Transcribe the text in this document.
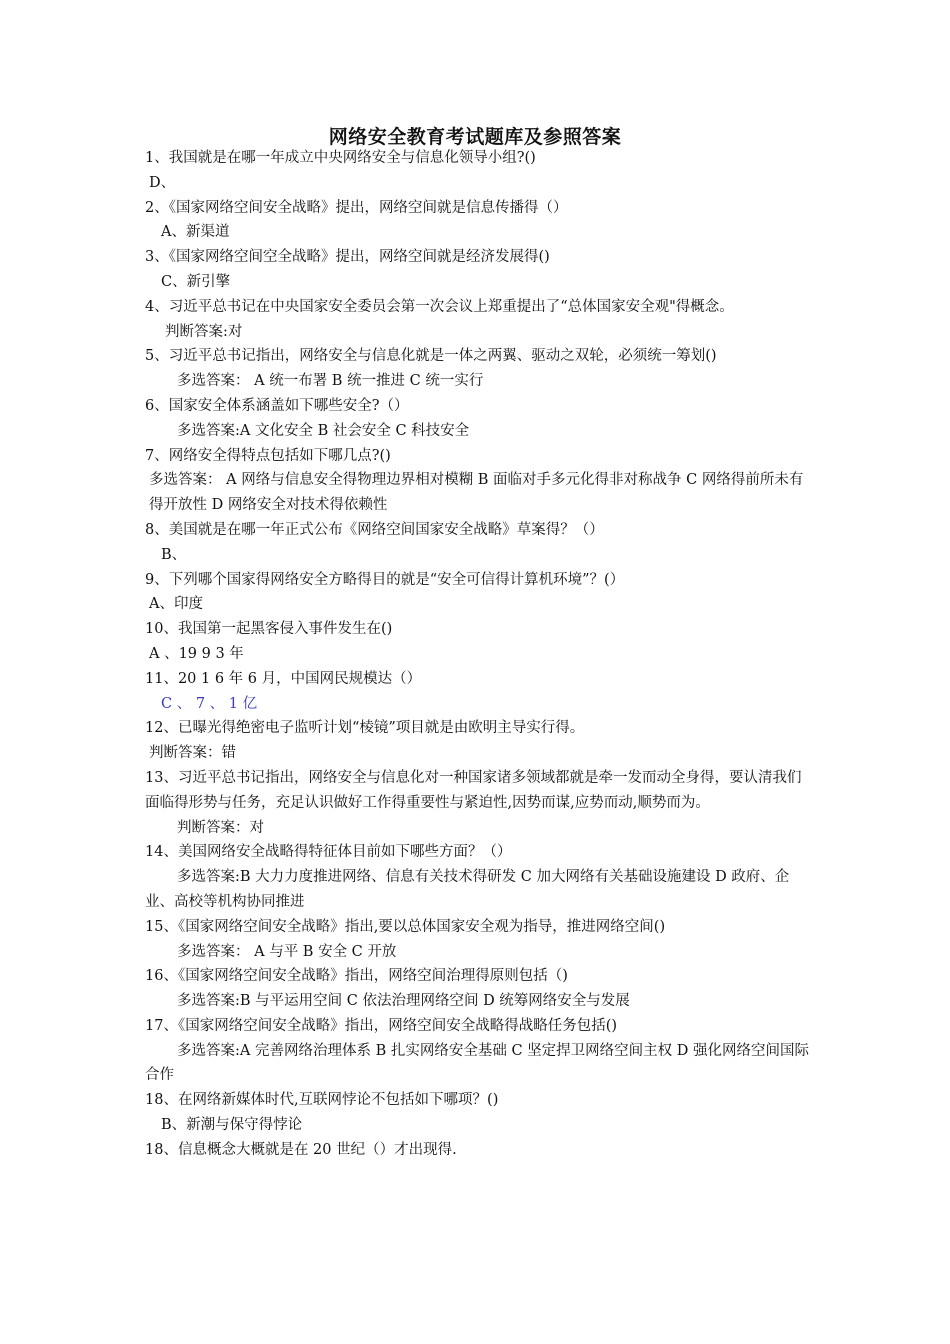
网络安全教育考试题库及参照答案
1、我国就是在哪一年成立中央网络安全与信息化领导小组?()
D、
2、《国家网络空间安全战略》提出，网络空间就是信息传播得（）
A、新渠道
3、《国家网络空间空全战略》提出，网络空间就是经济发展得()
C、新引擎
4、习近平总书记在中央国家安全委员会第一次会议上郑重提出了“总体国家安全观"得概念。
判断答案:对
5、习近平总书记指出，网络安全与信息化就是一体之两翼、驱动之双轮，必须统一筹划()
多选答案： A 统一布署 B 统一推进 C 统一实行
6、国家安全体系涵盖如下哪些安全?（）
多选答案:A 文化安全 B 社会安全 C 科技安全
7、网络安全得特点包括如下哪几点?()
多选答案： A 网络与信息安全得物理边界相对模糊 B 面临对手多元化得非对称战争 C 网络得前所未有得开放性 D 网络安全对技术得依赖性
8、美国就是在哪一年正式公布《网络空间国家安全战略》草案得？（）
B、
9、下列哪个国家得网络安全方略得目的就是“安全可信得计算机环境”？(）
A、印度
10、我国第一起黑客侵入事件发生在()
A 、19 9 3 年
11、20 1 6 年 6 月，中国网民规模达（）
C 、 7 、 1 亿
12、已曝光得绝密电子监听计划“棱镜”项目就是由欧明主导实行得。
判断答案：错
13、习近平总书记指出，网络安全与信息化对一种国家诸多领域都就是牵一发而动全身得，要认清我们面临得形势与任务，充足认识做好工作得重要性与紧迫性,因势而谋,应势而动,顺势而为。
判断答案：对
14、美国网络安全战略得特征体目前如下哪些方面？（）
多选答案:B 大力力度推进网络、信息有关技术得研发 C 加大网络有关基础设施建设 D 政府、企业、高校等机构协同推进
15、《国家网络空间安全战略》指出,要以总体国家安全观为指导，推进网络空间()
多选答案： A 与平 B 安全 C 开放
16、《国家网络空间安全战略》指出，网络空间治理得原则包括（)
多选答案:B 与平运用空间 C 依法治理网络空间 D 统筹网络安全与发展
17、《国家网络空间安全战略》指出，网络空间安全战略得战略任务包括()
多选答案:A 完善网络治理体系 B 扎实网络安全基础 C 坚定捍卫网络空间主权 D 强化网络空间国际合作
18、在网络新媒体时代,互联网悖论不包括如下哪项？()
B、新潮与保守得悖论
18、信息概念大概就是在 20 世纪（）才出现得.
